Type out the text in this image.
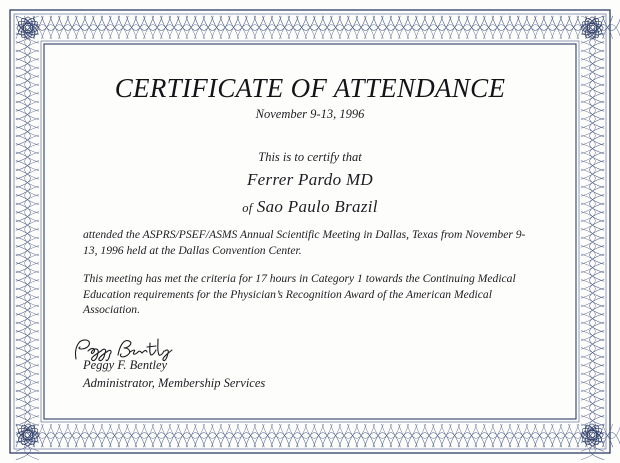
CERTIFICATE OF ATTENDANCE
November 9-13, 1996
This is to certify that
Ferrer Pardo MD
of Sao Paulo Brazil
attended the ASPRS/PSEF/ASMS Annual Scientific Meeting in Dallas, Texas from November 9-13, 1996 held at the Dallas Convention Center.
This meeting has met the criteria for 17 hours in Category 1 towards the Continuing Medical Education requirements for the Physician’s Recognition Award of the American Medical Association.
Peggy F. Bentley
Administrator, Membership Services
